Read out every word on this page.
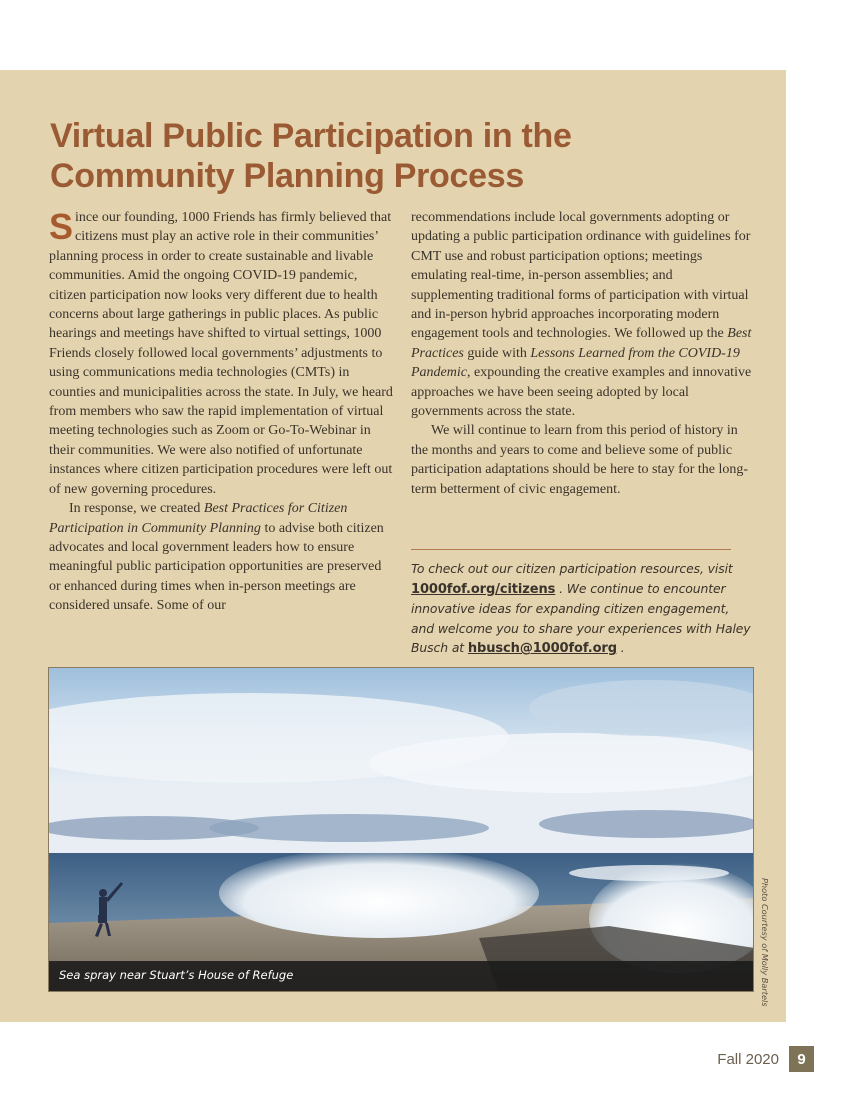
Virtual Public Participation in the Community Planning Process

Since our founding, 1000 Friends has firmly believed that citizens must play an active role in their communities’ planning process in order to create sustainable and livable communities. Amid the ongoing COVID-19 pandemic, citizen participation now looks very different due to health concerns about large gatherings in public places. As public hearings and meetings have shifted to virtual settings, 1000 Friends closely followed local governments’ adjustments to using communications media technologies (CMTs) in counties and municipalities across the state. In July, we heard from members who saw the rapid implementation of virtual meeting technologies such as Zoom or Go-To-Webinar in their communities. We were also notified of unfortunate instances where citizen participation procedures were left out of new governing procedures.

In response, we created Best Practices for Citizen Participation in Community Planning to advise both citizen advocates and local government leaders how to ensure meaningful public participation opportunities are preserved or enhanced during times when in-person meetings are considered unsafe. Some of our

recommendations include local governments adopting or updating a public participation ordinance with guidelines for CMT use and robust participation options; meetings emulating real-time, in-person assemblies; and supplementing traditional forms of participation with virtual and in-person hybrid approaches incorporating modern engagement tools and technologies. We followed up the Best Practices guide with Lessons Learned from the COVID-19 Pandemic, expounding the creative examples and innovative approaches we have been seeing adopted by local governments across the state.

We will continue to learn from this period of history in the months and years to come and believe some of public participation adaptations should be here to stay for the long-term betterment of civic engagement.

To check out our citizen participation resources, visit 1000fof.org/citizens . We continue to encounter innovative ideas for expanding citizen engagement, and welcome you to share your experiences with Haley Busch at hbusch@1000fof.org .
Sea spray near Stuart’s House of Refuge	Photo Courtesy of Molly Bartels
Fall 2020	9
